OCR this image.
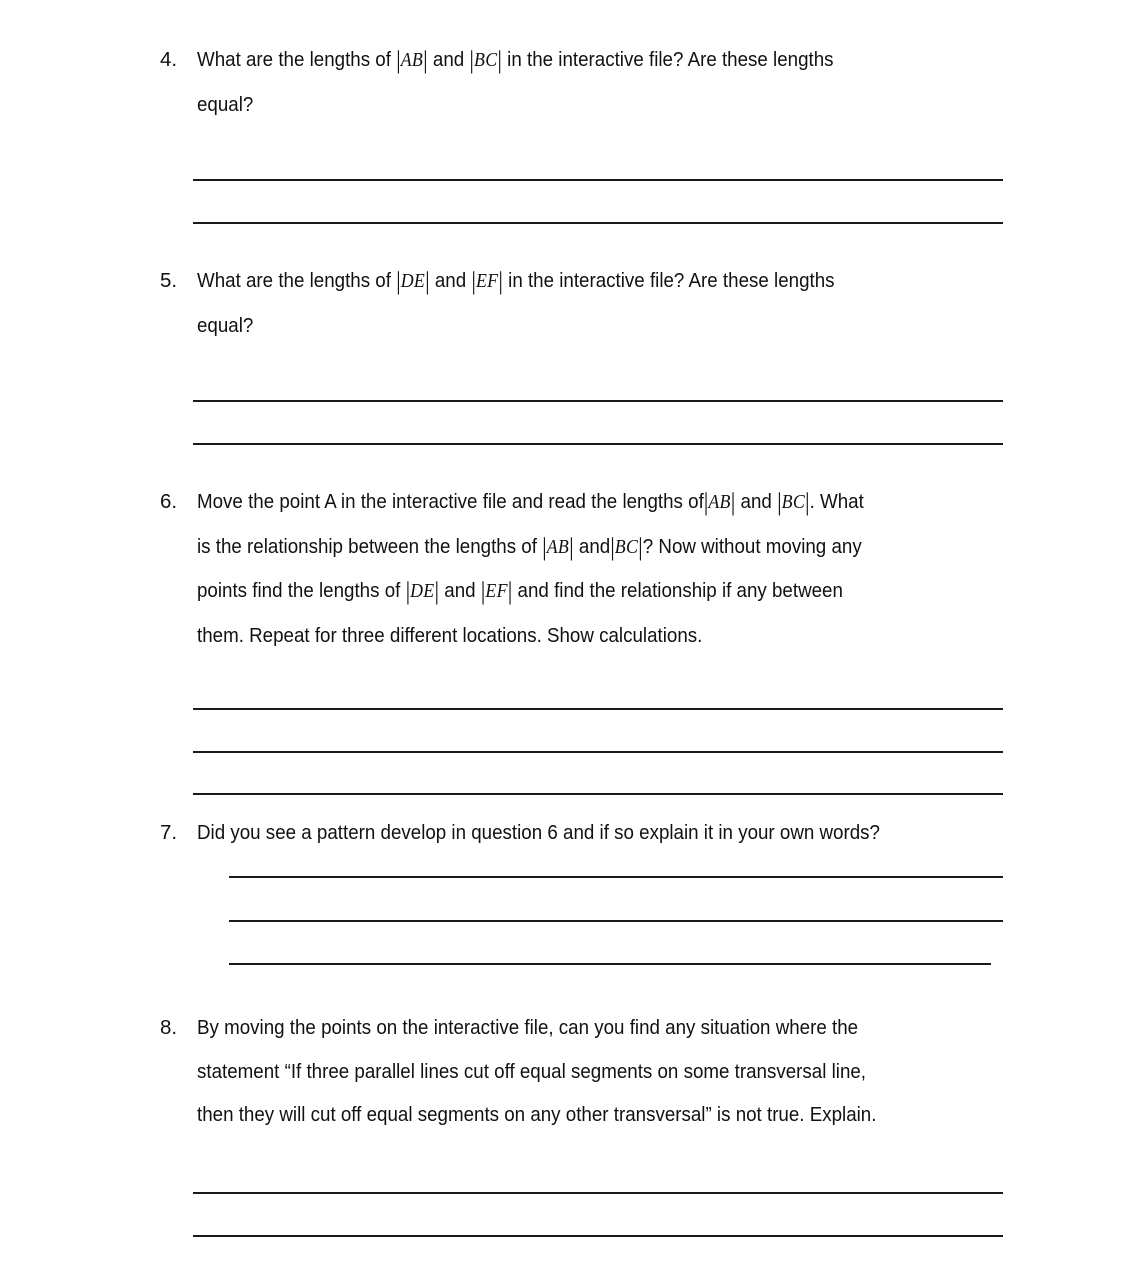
4. What are the lengths of |AB| and |BC| in the interactive file? Are these lengths
equal?
5. What are the lengths of |DE| and |EF| in the interactive file? Are these lengths
equal?
6. Move the point A in the interactive file and read the lengths of|AB| and |BC|. What
is the relationship between the lengths of |AB| and|BC|? Now without moving any
points find the lengths of |DE| and |EF| and find the relationship if any between
them. Repeat for three different locations. Show calculations.
7. Did you see a pattern develop in question 6 and if so explain it in your own words?
8. By moving the points on the interactive file, can you find any situation where the
statement “If three parallel lines cut off equal segments on some transversal line,
then they will cut off equal segments on any other transversal” is not true. Explain.
